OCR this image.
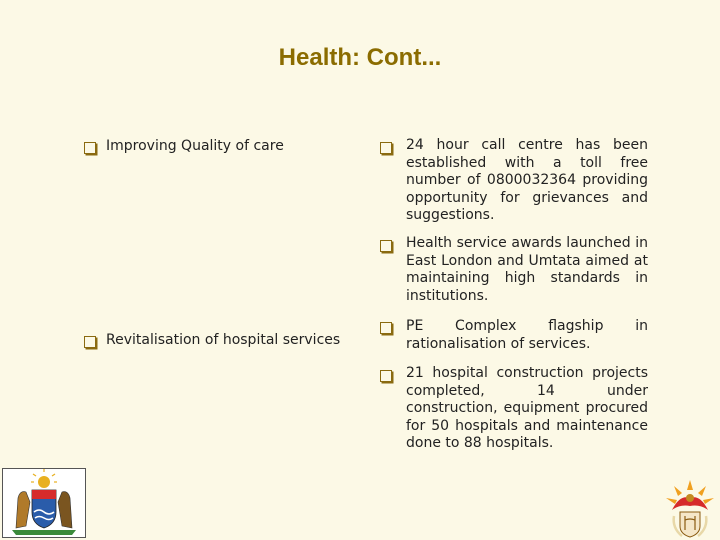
Health: Cont...
Improving Quality of care
Revitalisation of hospital services
24 hour call centre has been established with a toll free number of 0800032364 providing opportunity for grievances and suggestions.
Health service awards launched in East London and Umtata aimed at maintaining high standards in institutions.
PE Complex flagship in rationalisation of services.
21 hospital construction projects completed, 14 under construction, equipment procured for 50 hospitals and maintenance done to 88 hospitals.
